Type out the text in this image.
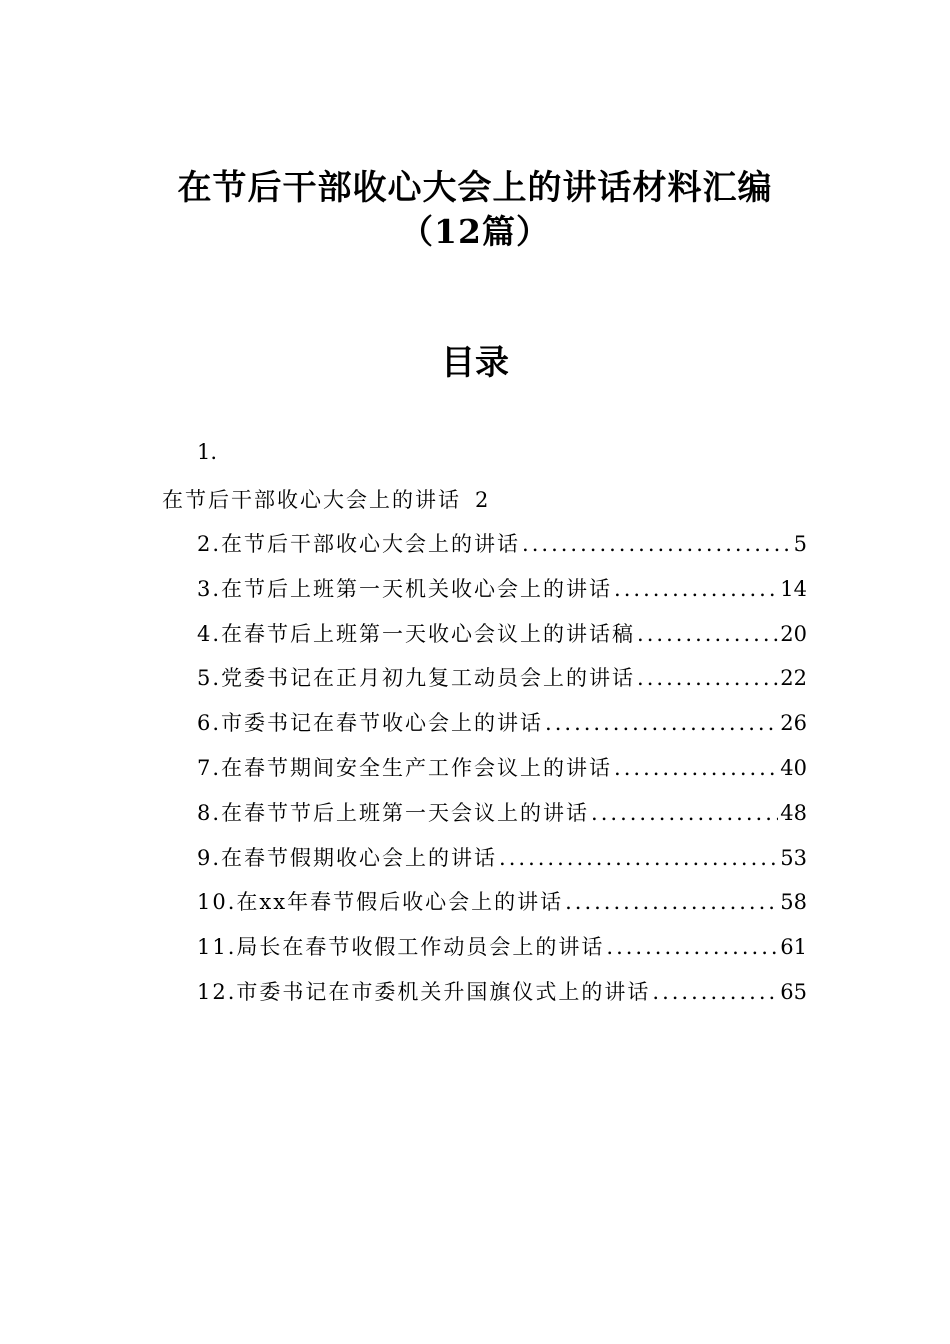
在节后干部收心大会上的讲话材料汇编
（12篇）
目录
1.
在节后干部收心大会上的讲话 2
2.在节后干部收心大会上的讲话 .....	5
3.在节后上班第一天机关收心会上的讲话 .....	14
4.在春节后上班第一天收心会议上的讲话稿 .....	20
5.党委书记在正月初九复工动员会上的讲话 .....	22
6.市委书记在春节收心会上的讲话 .....	26
7.在春节期间安全生产工作会议上的讲话 .....	40
8.在春节节后上班第一天会议上的讲话 .....	48
9.在春节假期收心会上的讲话 .....	53
10.在xx年春节假后收心会上的讲话 .....	58
11.局长在春节收假工作动员会上的讲话 .....	61
12.市委书记在市委机关升国旗仪式上的讲话 .....	65
